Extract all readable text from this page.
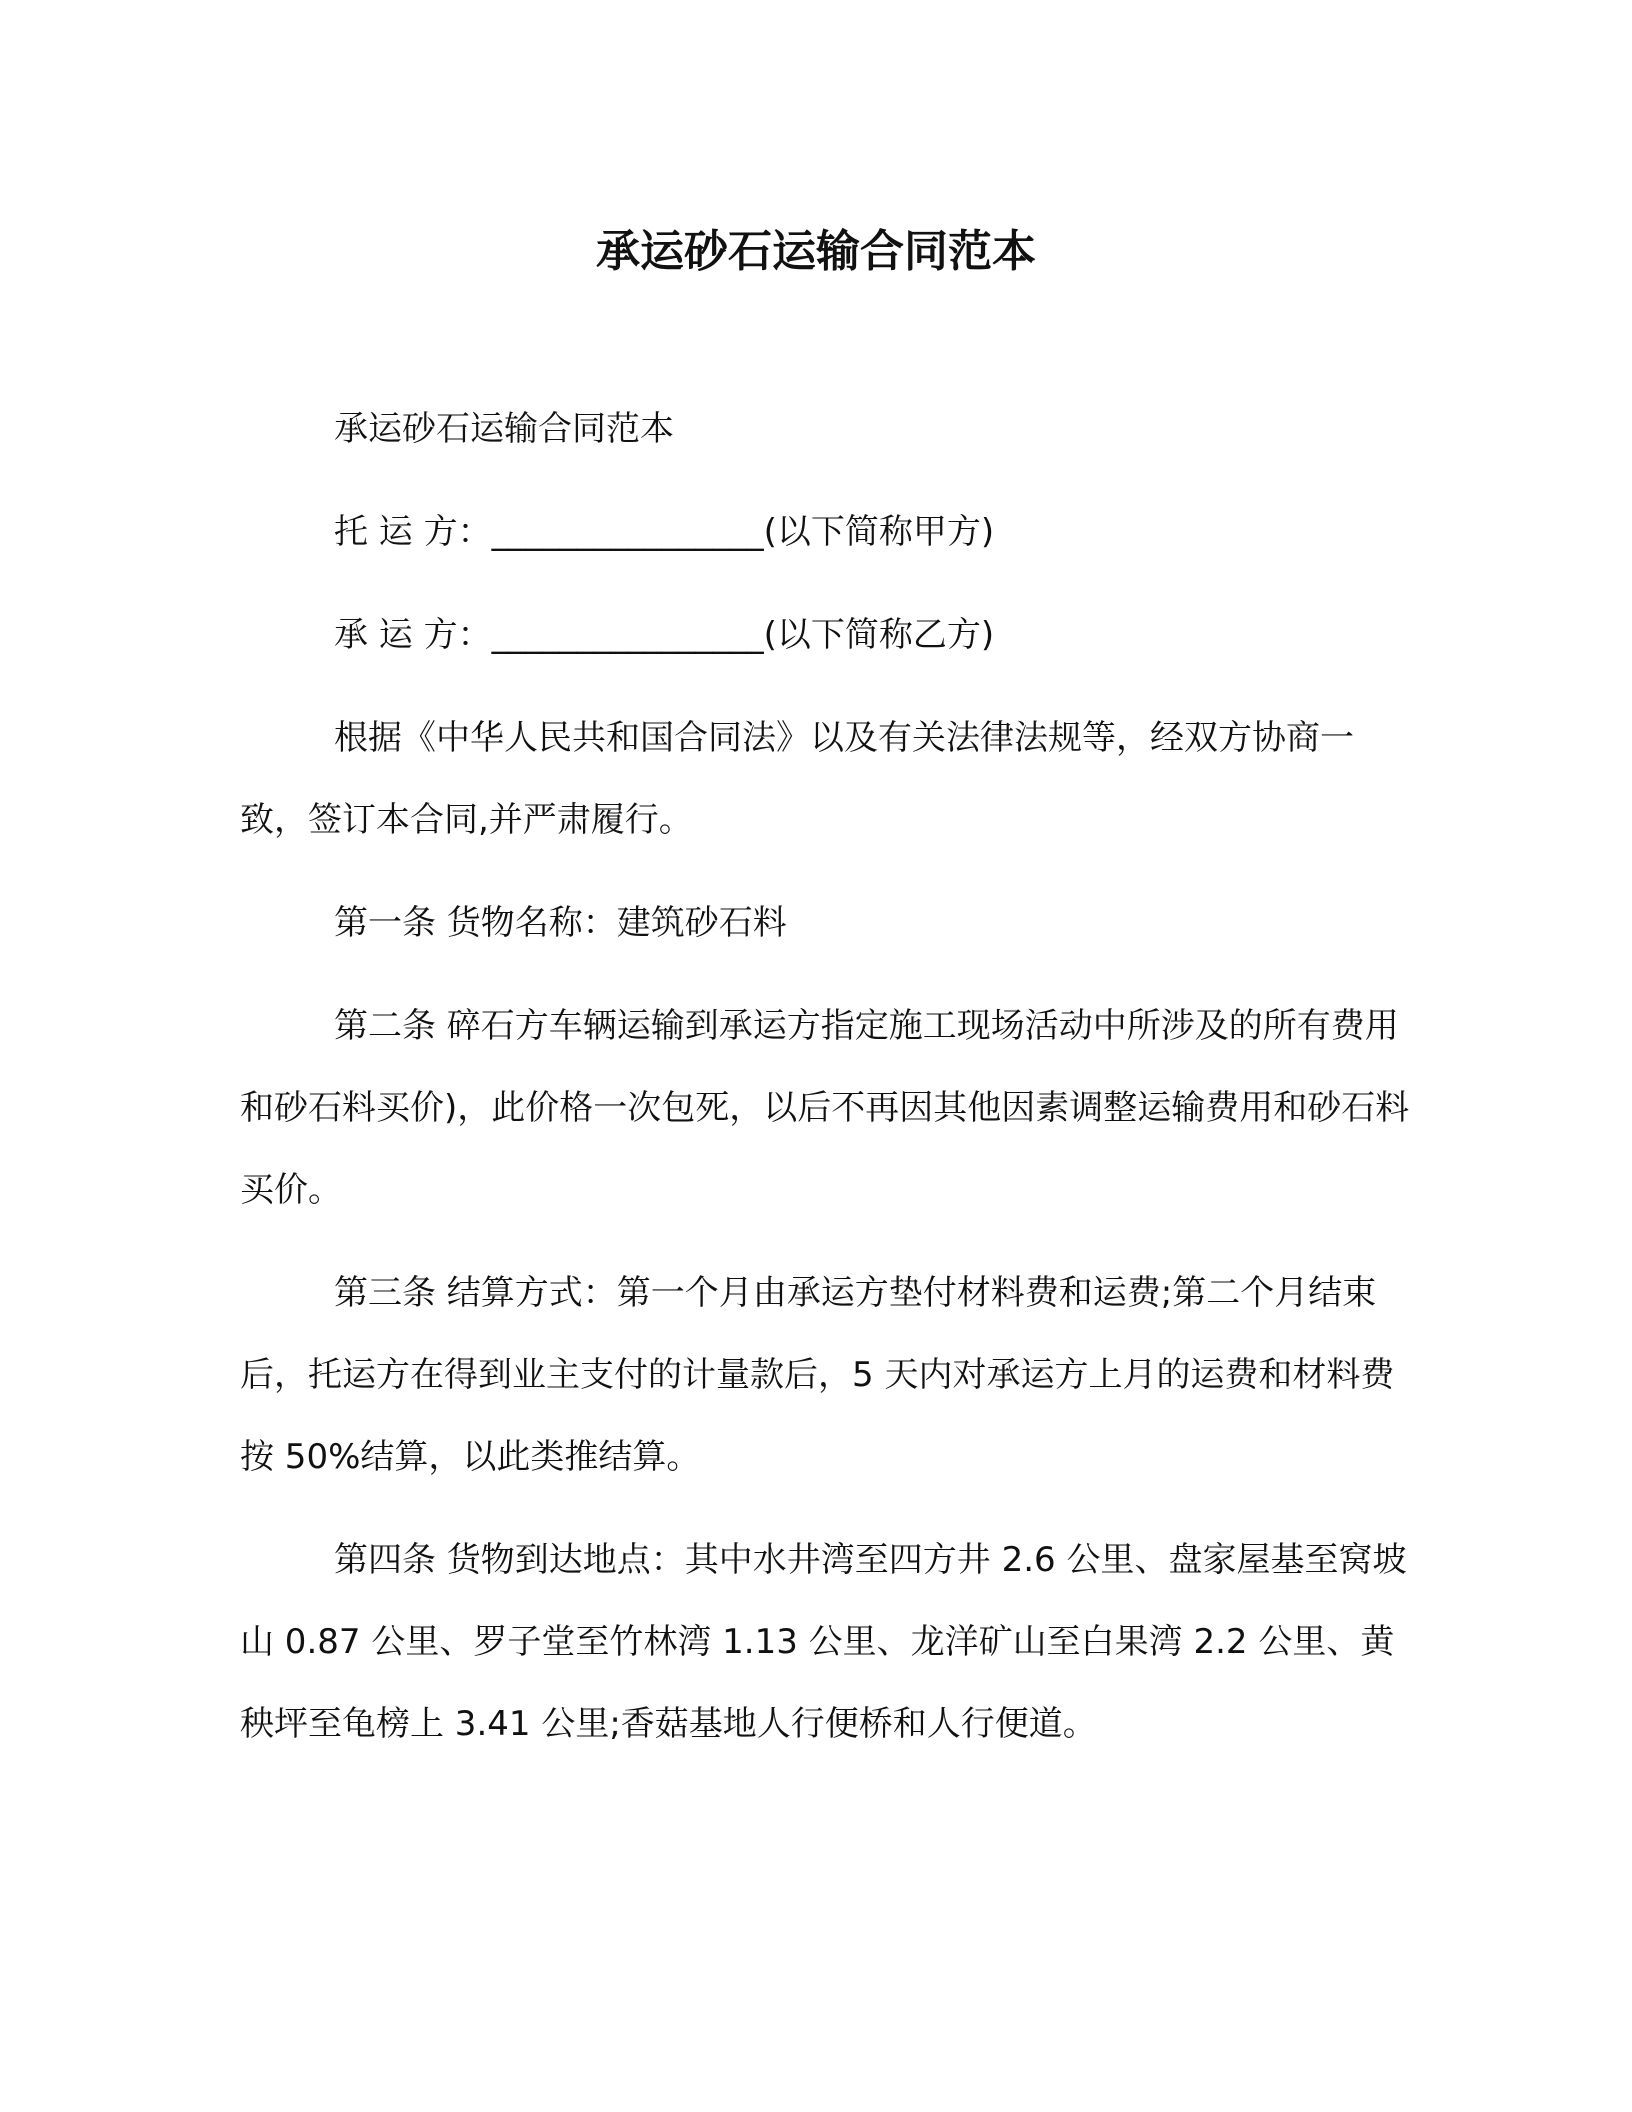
承运砂石运输合同范本

承运砂石运输合同范本

托 运 方：________________(以下简称甲方)

承 运 方：________________(以下简称乙方)

根据《中华人民共和国合同法》以及有关法律法规等，经双方协商一致，签订本合同,并严肃履行。

第一条 货物名称：建筑砂石料

第二条 碎石方车辆运输到承运方指定施工现场活动中所涉及的所有费用和砂石料买价)，此价格一次包死，以后不再因其他因素调整运输费用和砂石料买价。

第三条 结算方式：第一个月由承运方垫付材料费和运费;第二个月结束后，托运方在得到业主支付的计量款后，5 天内对承运方上月的运费和材料费按 50%结算，以此类推结算。

第四条 货物到达地点：其中水井湾至四方井 2.6 公里、盘家屋基至窝坡山 0.87 公里、罗子堂至竹林湾 1.13 公里、龙洋矿山至白果湾 2.2 公里、黄秧坪至龟榜上 3.41 公里;香菇基地人行便桥和人行便道。
